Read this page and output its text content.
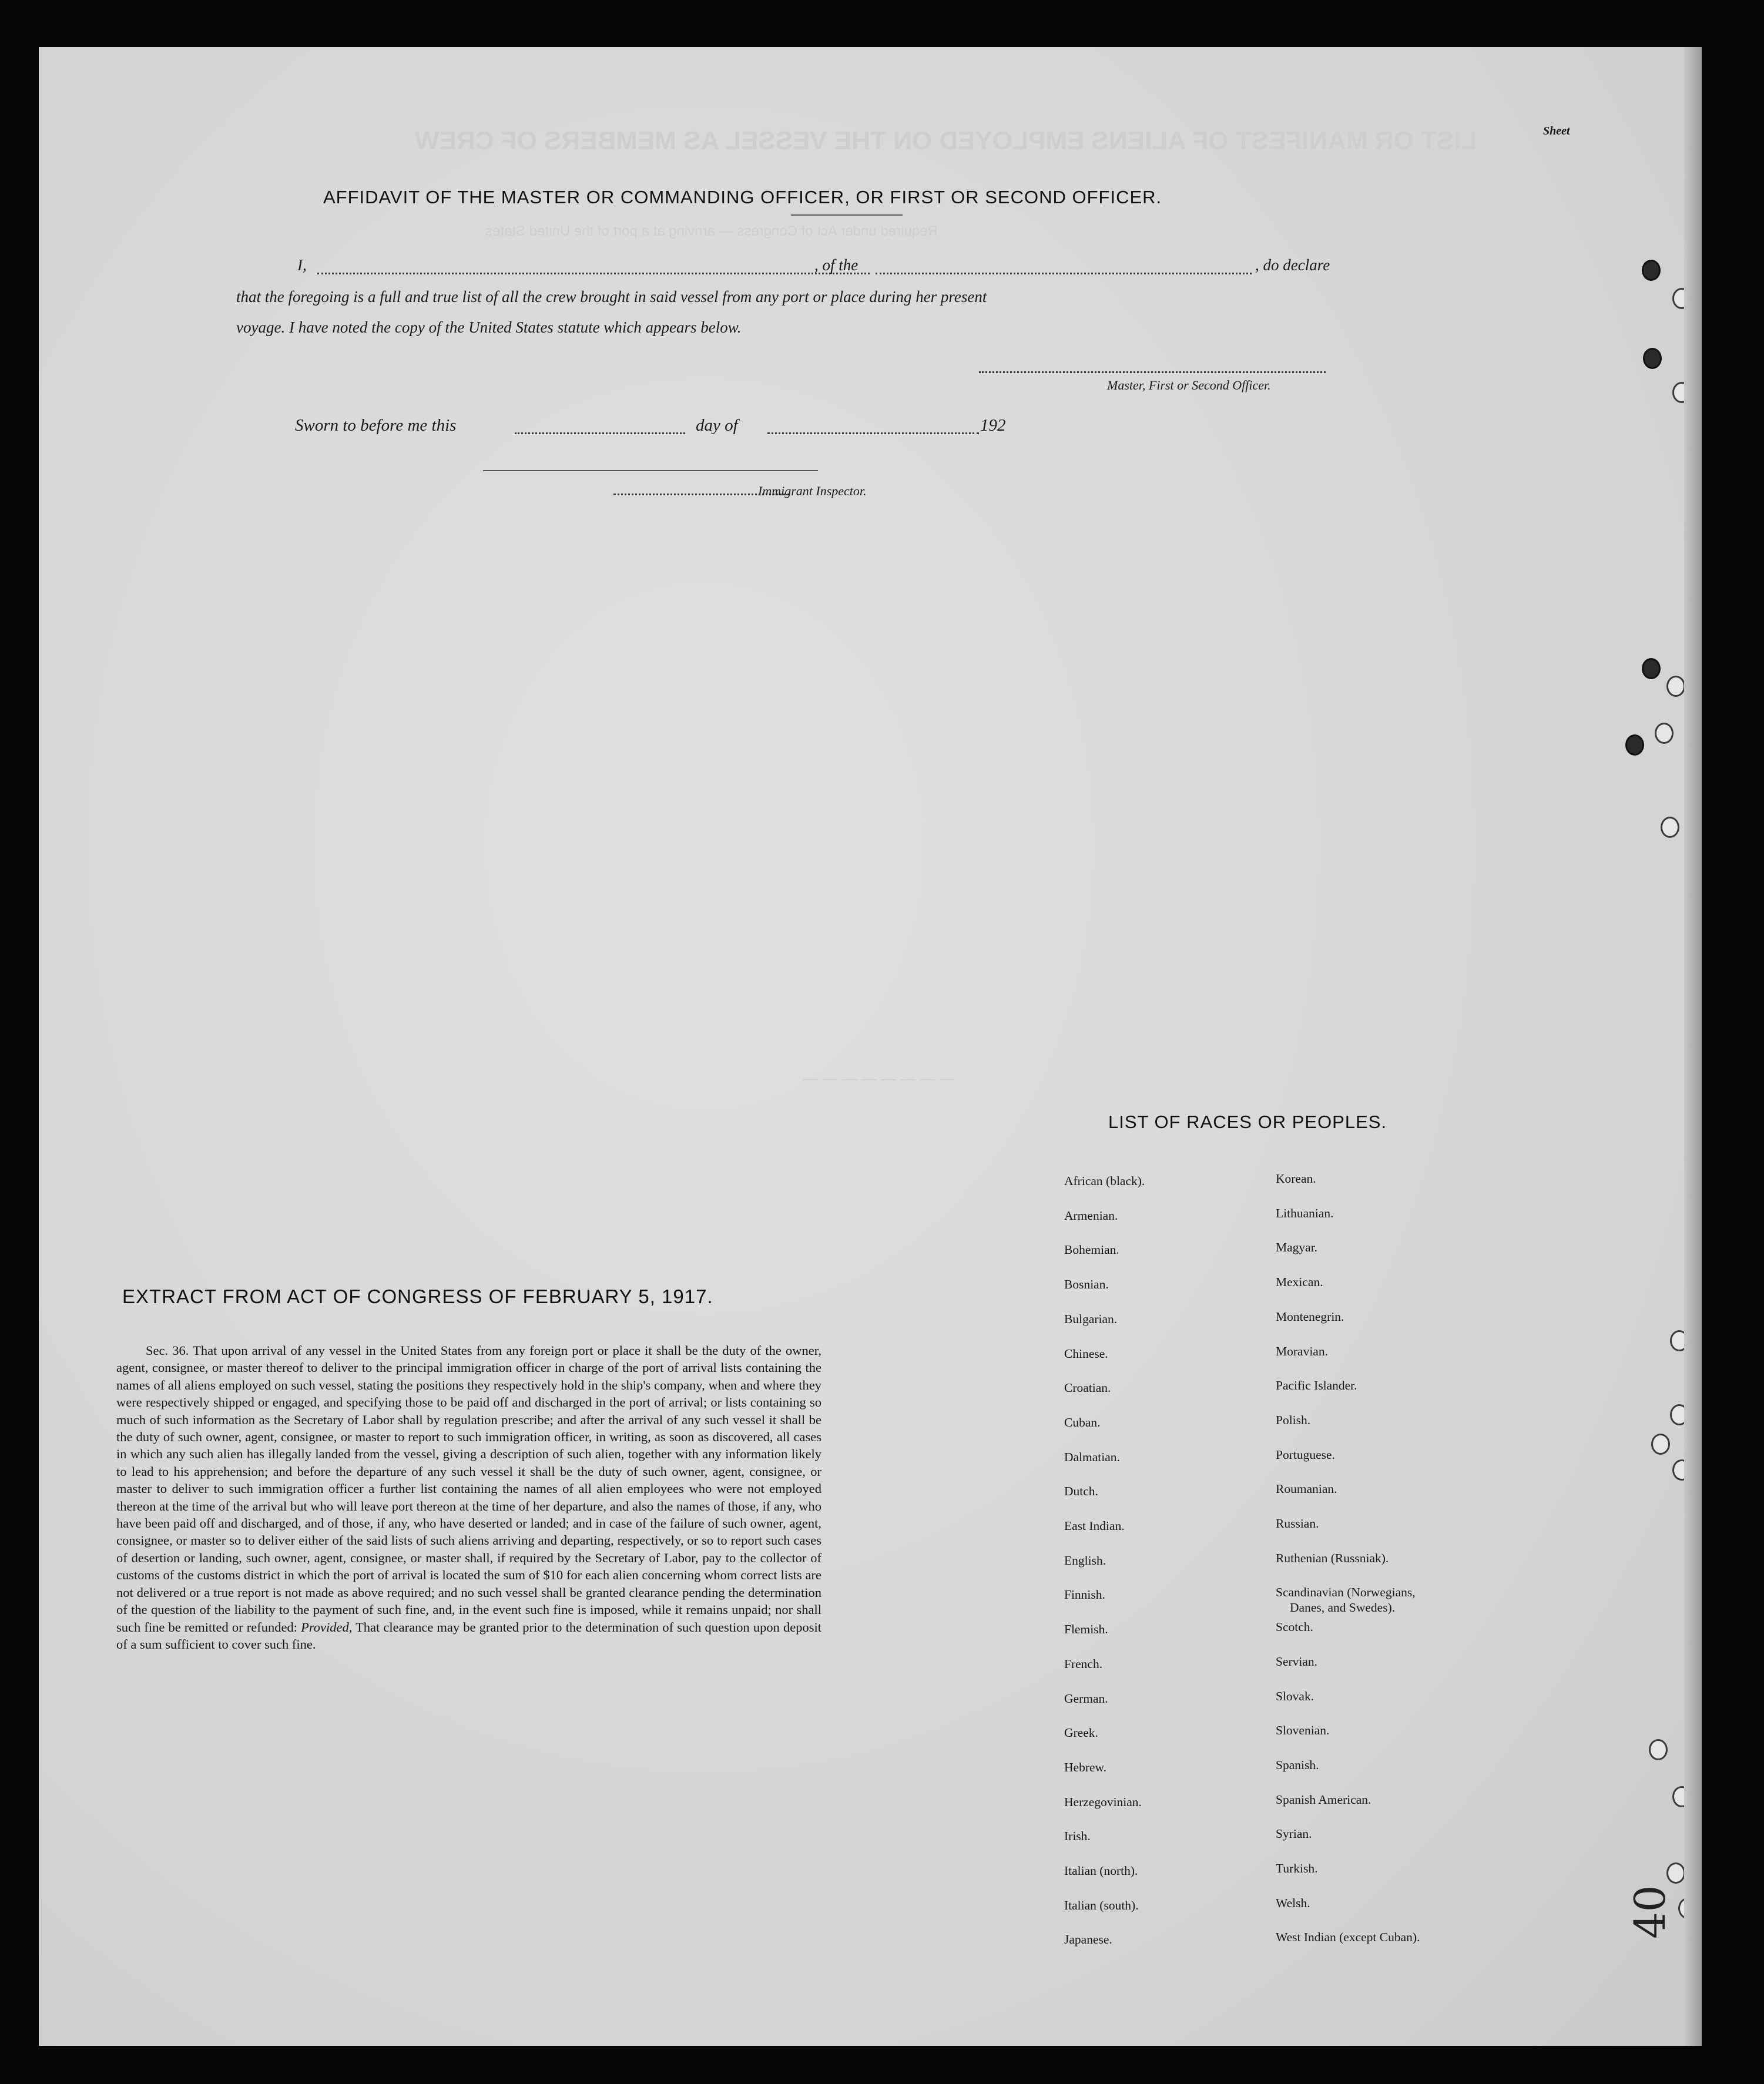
LIST OR MANIFEST OF ALIENS EMPLOYED ON THE VESSEL AS MEMBERS OF CREW
Required under Act of Congress — arriving at a port of the United States
— — — — — — — —
AFFIDAVIT OF THE MASTER OR COMMANDING OFFICER, OR FIRST OR SECOND OFFICER.
I,	, of the	, do declare
that the foregoing is a full and true list of all the crew brought in said vessel from any port or place during her present
voyage. I have noted the copy of the United States statute which appears below.
Master, First or Second Officer.
Sworn to before me this	day of	192
Immigrant Inspector.
EXTRACT FROM ACT OF CONGRESS OF FEBRUARY 5, 1917.
Sec. 36. That upon arrival of any vessel in the United States from any foreign port or place it shall be the duty of the owner, agent, consignee, or master thereof to deliver to the principal immigration officer in charge of the port of arrival lists containing the names of all aliens employed on such vessel, stating the positions they respectively hold in the ship's company, when and where they were respectively shipped or engaged, and specifying those to be paid off and discharged in the port of arrival; or lists containing so much of such information as the Secretary of Labor shall by regulation prescribe; and after the arrival of any such vessel it shall be the duty of such owner, agent, consignee, or master to report to such immigration officer, in writing, as soon as discovered, all cases in which any such alien has illegally landed from the vessel, giving a description of such alien, together with any information likely to lead to his apprehension; and before the departure of any such vessel it shall be the duty of such owner, agent, consignee, or master to deliver to such immigration officer a further list containing the names of all alien employees who were not employed thereon at the time of the arrival but who will leave port thereon at the time of her departure, and also the names of those, if any, who have been paid off and discharged, and of those, if any, who have deserted or landed; and in case of the failure of such owner, agent, consignee, or master so to deliver either of the said lists of such aliens arriving and departing, respectively, or so to report such cases of desertion or landing, such owner, agent, consignee, or master shall, if required by the Secretary of Labor, pay to the collector of customs of the customs district in which the port of arrival is located the sum of $10 for each alien concerning whom correct lists are not delivered or a true report is not made as above required; and no such vessel shall be granted clearance pending the determination of the question of the liability to the payment of such fine, and, in the event such fine is imposed, while it remains unpaid; nor shall such fine be remitted or refunded: Provided, That clearance may be granted prior to the determination of such question upon deposit of a sum sufficient to cover such fine.
LIST OF RACES OR PEOPLES.
African (black).
Armenian.
Bohemian.
Bosnian.
Bulgarian.
Chinese.
Croatian.
Cuban.
Dalmatian.
Dutch.
East Indian.
English.
Finnish.
Flemish.
French.
German.
Greek.
Hebrew.
Herzegovinian.
Irish.
Italian (north).
Italian (south).
Japanese.
Korean.
Lithuanian.
Magyar.
Mexican.
Montenegrin.
Moravian.
Pacific Islander.
Polish.
Portuguese.
Roumanian.
Russian.
Ruthenian (Russniak).
Scandinavian (Norwegians,
Danes, and Swedes).
Scotch.
Servian.
Slovak.
Slovenian.
Spanish.
Spanish American.
Syrian.
Turkish.
Welsh.
West Indian (except Cuban).
Sheet
40
